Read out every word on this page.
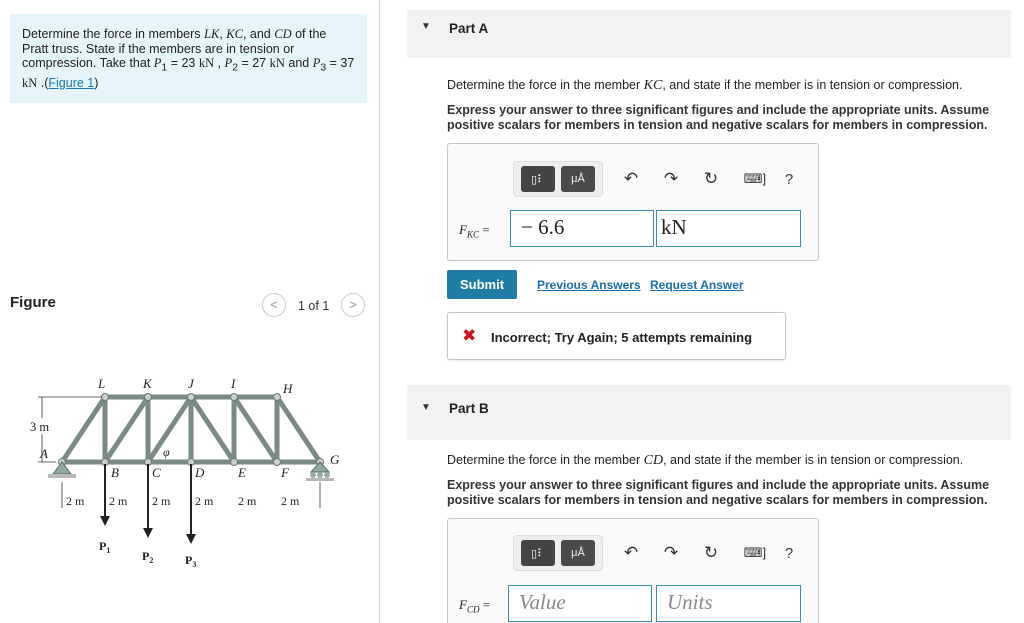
Determine the force in members LK, KC, and CD of the Pratt truss. State if the members are in tension or compression. Take that $P_1 = 23$ kN , $P_2 = 27$ kN and $P_3 = 37$ kN .(Figure 1)
Figure	<	1 of 1	>
L	K	J	I	H
A
B	C	D	E	F
G
φ
3 m
2 m 2 m 2 m 2 m 2 m 2 m
$P_1$	$P_2$	$P_3$
▼ Part A
Determine the force in the member KC, and state if the member is in tension or compression.
Express your answer to three significant figures and include the appropriate units. Assume positive scalars for members in tension and negative scalars for members in compression.
▯⠇	μÅ	↶	↷	↻	⌨]	?
$F_{KC}$ =	− 6.6	kN
Submit	Previous Answers Request Answer
✖ Incorrect; Try Again; 5 attempts remaining
▼ Part B
Determine the force in the member CD, and state if the member is in tension or compression.
Express your answer to three significant figures and include the appropriate units. Assume positive scalars for members in tension and negative scalars for members in compression.
▯⠇	μÅ	↶	↷	↻	⌨]	?
$F_{CD}$ =	Value	Units
